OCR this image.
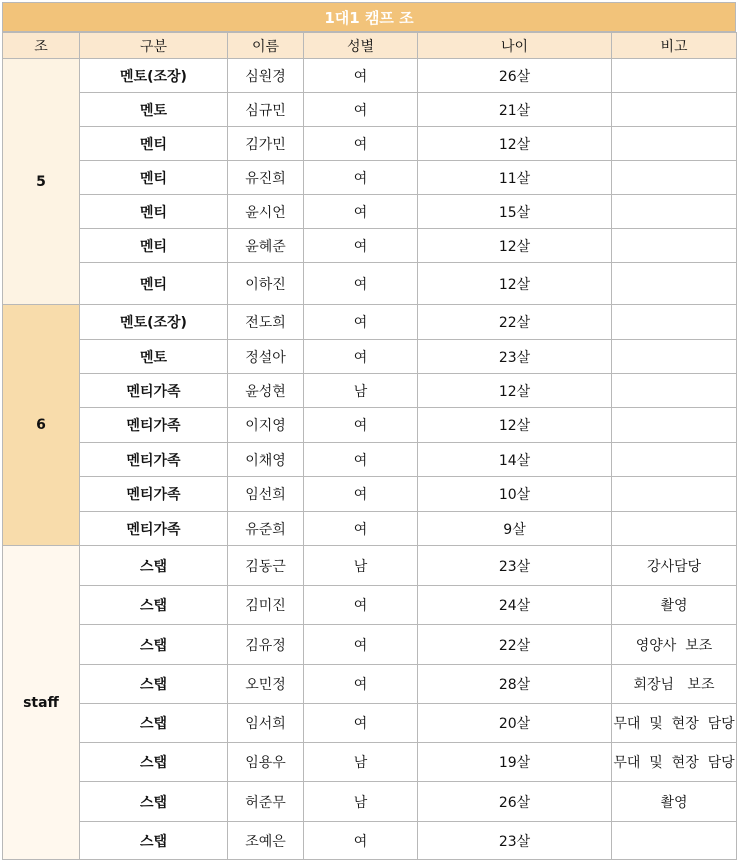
1대1 캠프 조
조	구분	이름	성별	나이	비고
5	멘토(조장)	심원경	여	26살	
	멘토	심규민	여	21살	
	멘티	김가민	여	12살	
	멘티	유진희	여	11살	
	멘티	윤시언	여	15살	
	멘티	윤혜준	여	12살	
	멘티	이하진	여	12살	
6	멘토(조장)	전도희	여	22살	
	멘토	정설아	여	23살	
	멘티가족	윤성현	남	12살	
	멘티가족	이지영	여	12살	
	멘티가족	이채영	여	14살	
	멘티가족	임선희	여	10살	
	멘티가족	유준희	여	9살	
staff	스탭	김동근	남	23살	강사담당
	스탭	김미진	여	24살	촬영
	스탭	김유정	여	22살	영양사  보조
	스탭	오민정	여	28살	회장님   보조
	스탭	임서희	여	20살	무대  및  현장  담당
	스탭	임용우	남	19살	무대  및  현장  담당
	스탭	허준무	남	26살	촬영
	스탭	조예은	여	23살	
